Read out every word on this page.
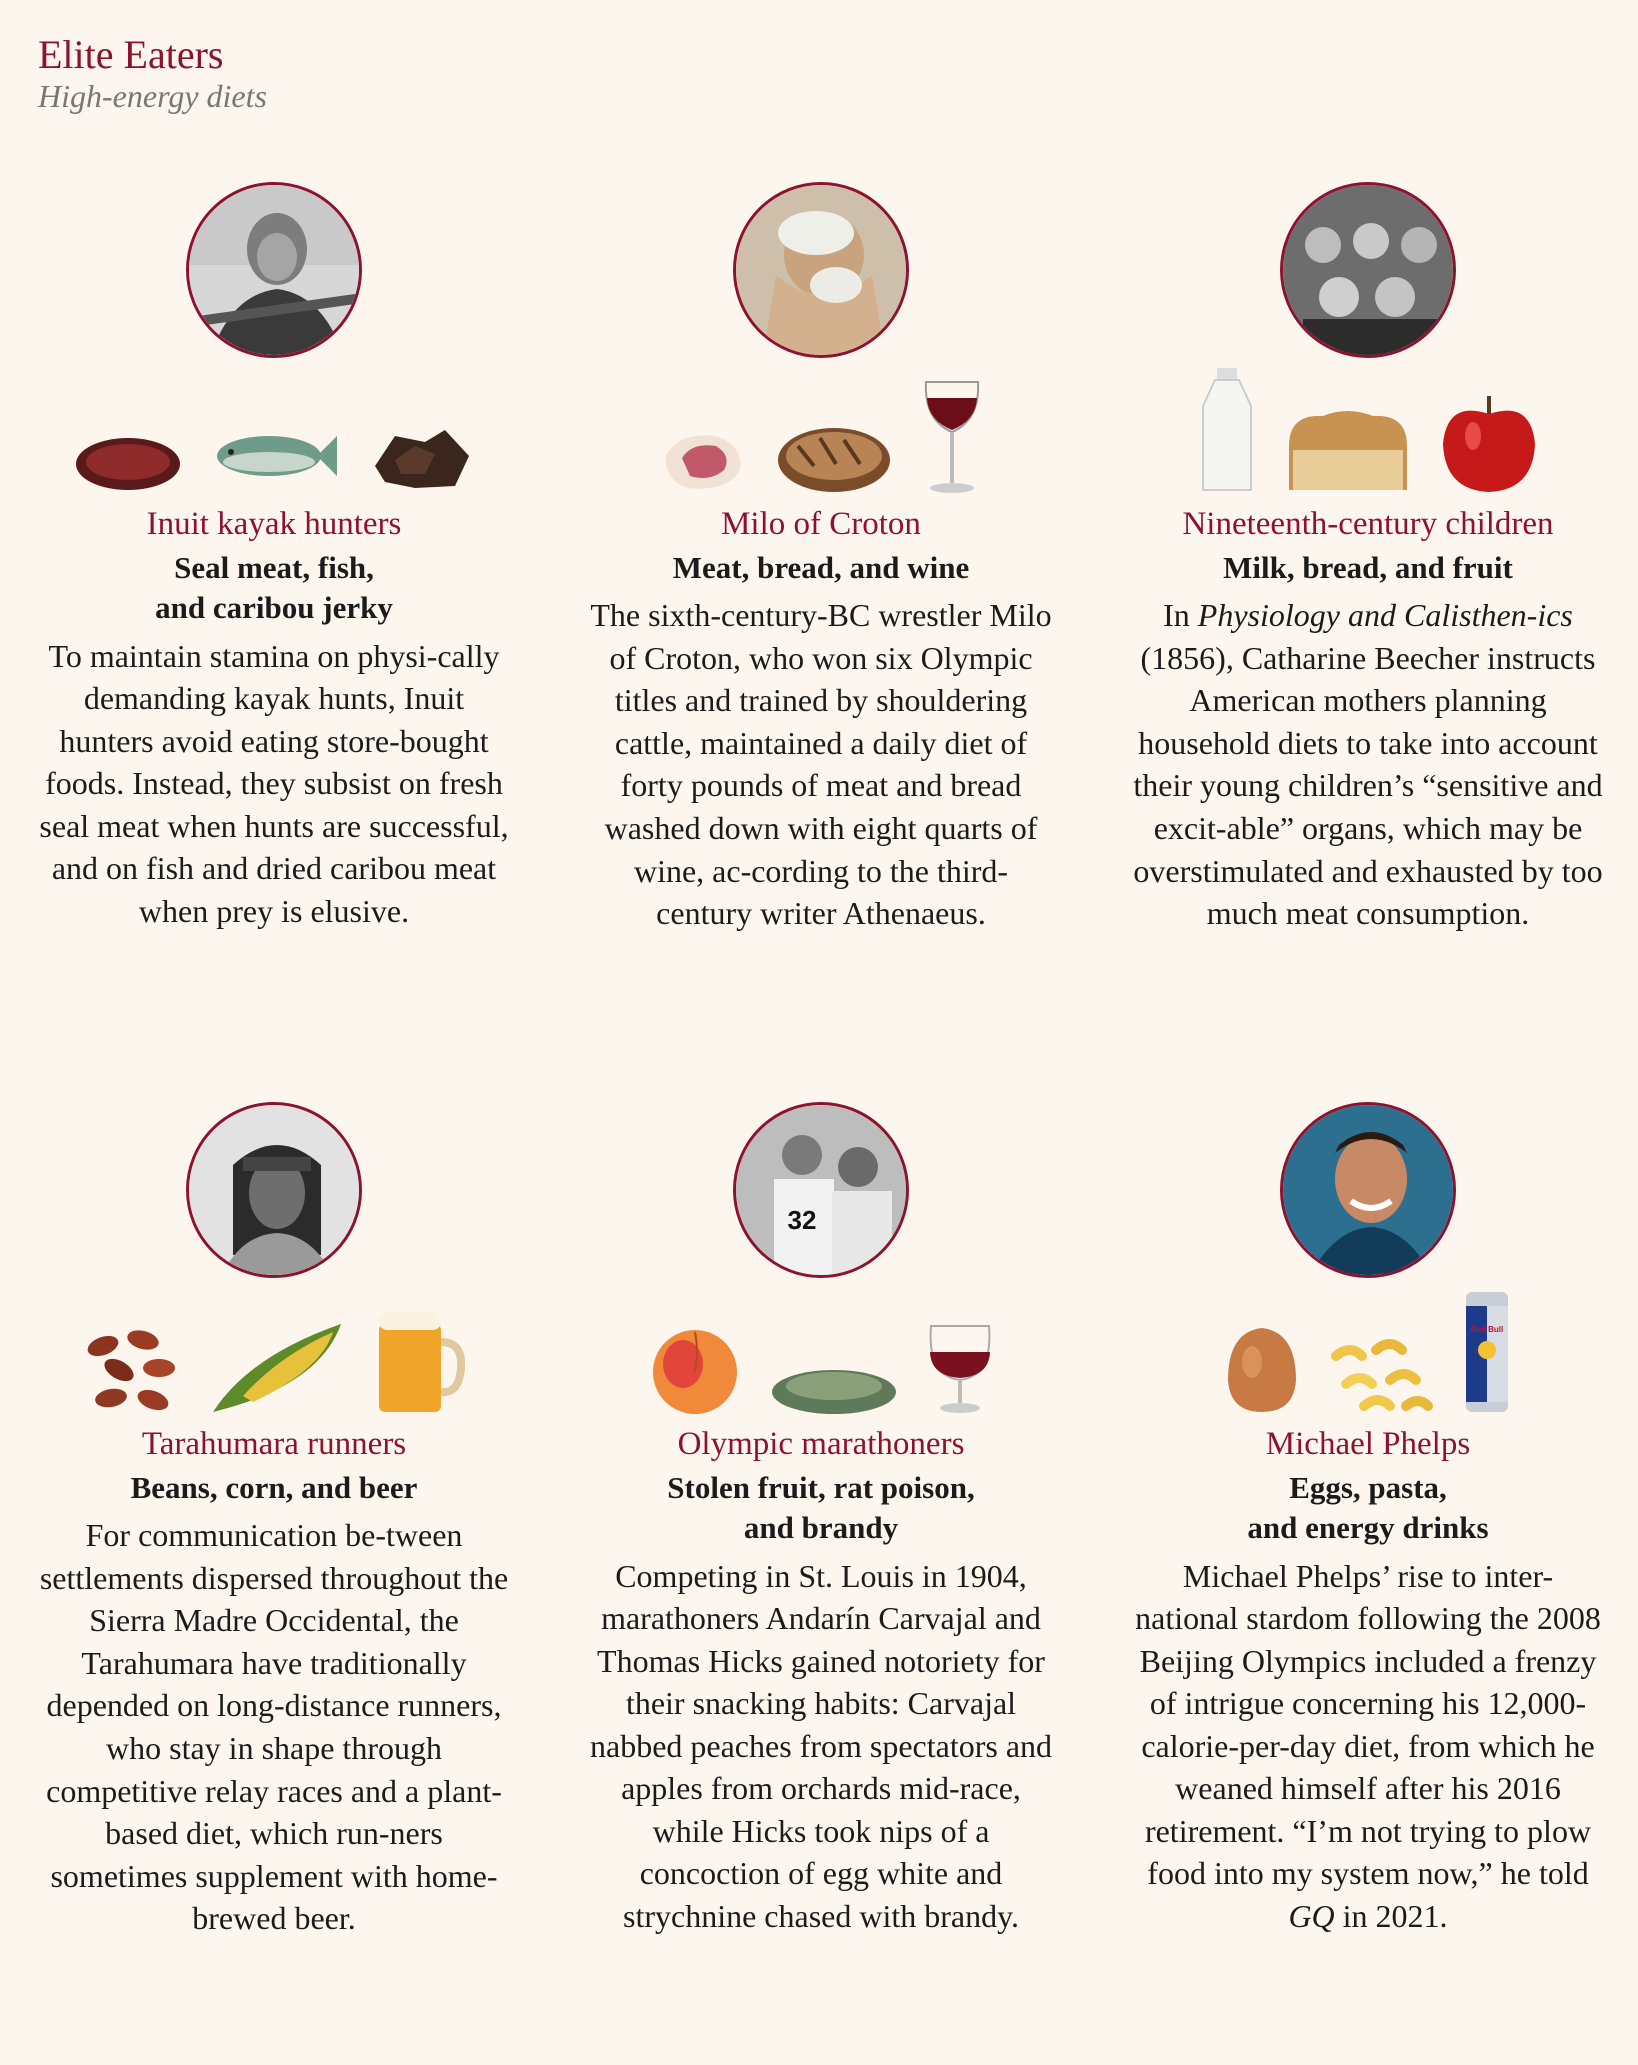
Elite Eaters
High-energy diets
Inuit kayak hunters
Seal meat, fish,
and caribou jerky
To maintain stamina on physi-cally demanding kayak hunts, Inuit hunters avoid eating store-bought foods. Instead, they subsist on fresh seal meat when hunts are successful, and on fish and dried caribou meat when prey is elusive.
Milo of Croton
Meat, bread, and wine
The sixth-century-BC wrestler Milo of Croton, who won six Olympic titles and trained by shouldering cattle, maintained a daily diet of forty pounds of meat and bread washed down with eight quarts of wine, ac-cording to the third-century writer Athenaeus.
Nineteenth-century children
Milk, bread, and fruit
In Physiology and Calisthen-ics (1856), Catharine Beecher instructs American mothers planning household diets to take into account their young children’s “sensitive and excit-able” organs, which may be overstimulated and exhausted by too much meat consumption.
Tarahumara runners
Beans, corn, and beer
For communication be-tween settlements dispersed throughout the Sierra Madre Occidental, the Tarahumara have traditionally depended on long-distance runners, who stay in shape through competitive relay races and a plant-based diet, which run-ners sometimes supplement with home-brewed beer.
32
Olympic marathoners
Stolen fruit, rat poison,
and brandy
Competing in St. Louis in 1904, marathoners Andarín Carvajal and Thomas Hicks gained notoriety for their snacking habits: Carvajal nabbed peaches from spectators and apples from orchards mid-race, while Hicks took nips of a concoction of egg white and strychnine chased with brandy.
Red Bull
Michael Phelps
Eggs, pasta,
and energy drinks
Michael Phelps’ rise to inter-national stardom following the 2008 Beijing Olympics included a frenzy of intrigue concerning his 12,000-calorie-per-day diet, from which he weaned himself after his 2016 retirement. “I’m not trying to plow food into my system now,” he told GQ in 2021.
